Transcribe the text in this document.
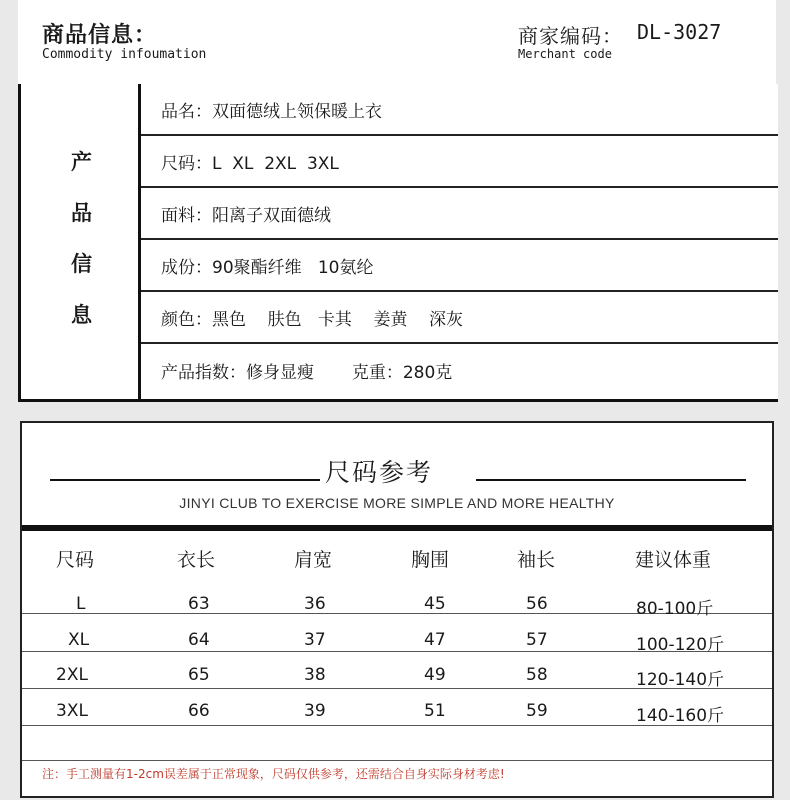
商品信息：
Commodity infoumation
商家编码： DL-3027
Merchant code
产
品
信
息
品名：双面德绒上领保暖上衣
尺码：L  XL  2XL  3XL
面料：阳离子双面德绒
成份：90聚酯纤维   10氨纶
颜色：黑色    肤色   卡其    姜黄    深灰
产品指数：修身显瘦       克重：280克
尺码参考
JINYI CLUB TO EXERCISE MORE SIMPLE AND MORE HEALTHY
尺码	衣长	肩宽	胸围	袖长	建议体重
L	63	36	45	56	80-100斤
XL	64	37	47	57	100-120斤
2XL	65	38	49	58	120-140斤
3XL	66	39	51	59	140-160斤
注：手工测量有1-2cm误差属于正常现象，尺码仅供参考，还需结合自身实际身材考虑!
